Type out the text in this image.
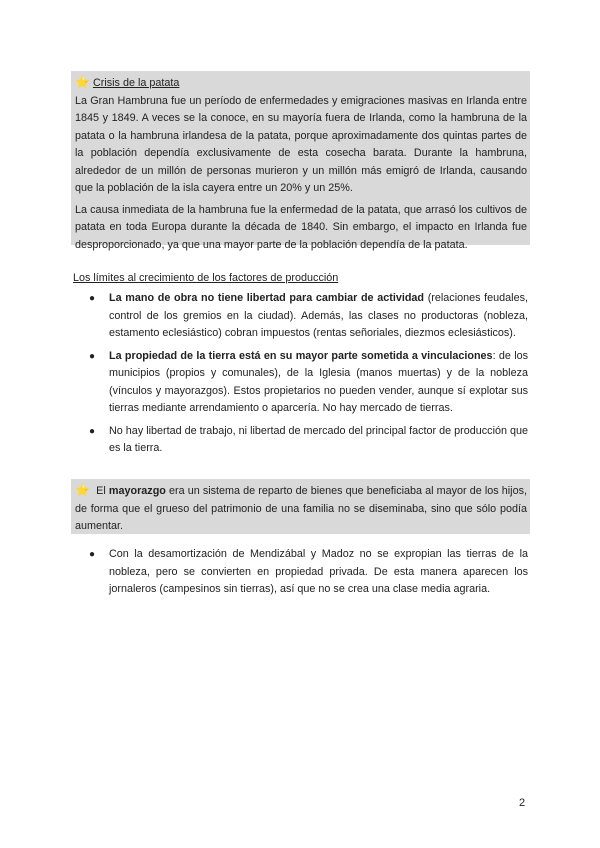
⭐ Crisis de la patata

La Gran Hambruna fue un período de enfermedades y emigraciones masivas en Irlanda entre 1845 y 1849. A veces se la conoce, en su mayoría fuera de Irlanda, como la hambruna de la patata o la hambruna irlandesa de la patata, porque aproximadamente dos quintas partes de la población dependía exclusivamente de esta cosecha barata. Durante la hambruna, alrededor de un millón de personas murieron y un millón más emigró de Irlanda, causando que la población de la isla cayera entre un 20% y un 25%.

La causa inmediata de la hambruna fue la enfermedad de la patata, que arrasó los cultivos de patata en toda Europa durante la década de 1840. Sin embargo, el impacto en Irlanda fue desproporcionado, ya que una mayor parte de la población dependía de la patata.

Los límites al crecimiento de los factores de producción
● La mano de obra no tiene libertad para cambiar de actividad (relaciones feudales, control de los gremios en la ciudad). Además, las clases no productoras (nobleza, estamento eclesiástico) cobran impuestos (rentas señoriales, diezmos eclesiásticos).
● La propiedad de la tierra está en su mayor parte sometida a vinculaciones: de los municipios (propios y comunales), de la Iglesia (manos muertas) y de la nobleza (vínculos y mayorazgos). Estos propietarios no pueden vender, aunque sí explotar sus tierras mediante arrendamiento o aparcería. No hay mercado de tierras.
● No hay libertad de trabajo, ni libertad de mercado del principal factor de producción que es la tierra.

⭐ El mayorazgo era un sistema de reparto de bienes que beneficiaba al mayor de los hijos, de forma que el grueso del patrimonio de una familia no se diseminaba, sino que sólo podía aumentar.

● Con la desamortización de Mendizábal y Madoz no se expropian las tierras de la nobleza, pero se convierten en propiedad privada. De esta manera aparecen los jornaleros (campesinos sin tierras), así que no se crea una clase media agraria.
2
